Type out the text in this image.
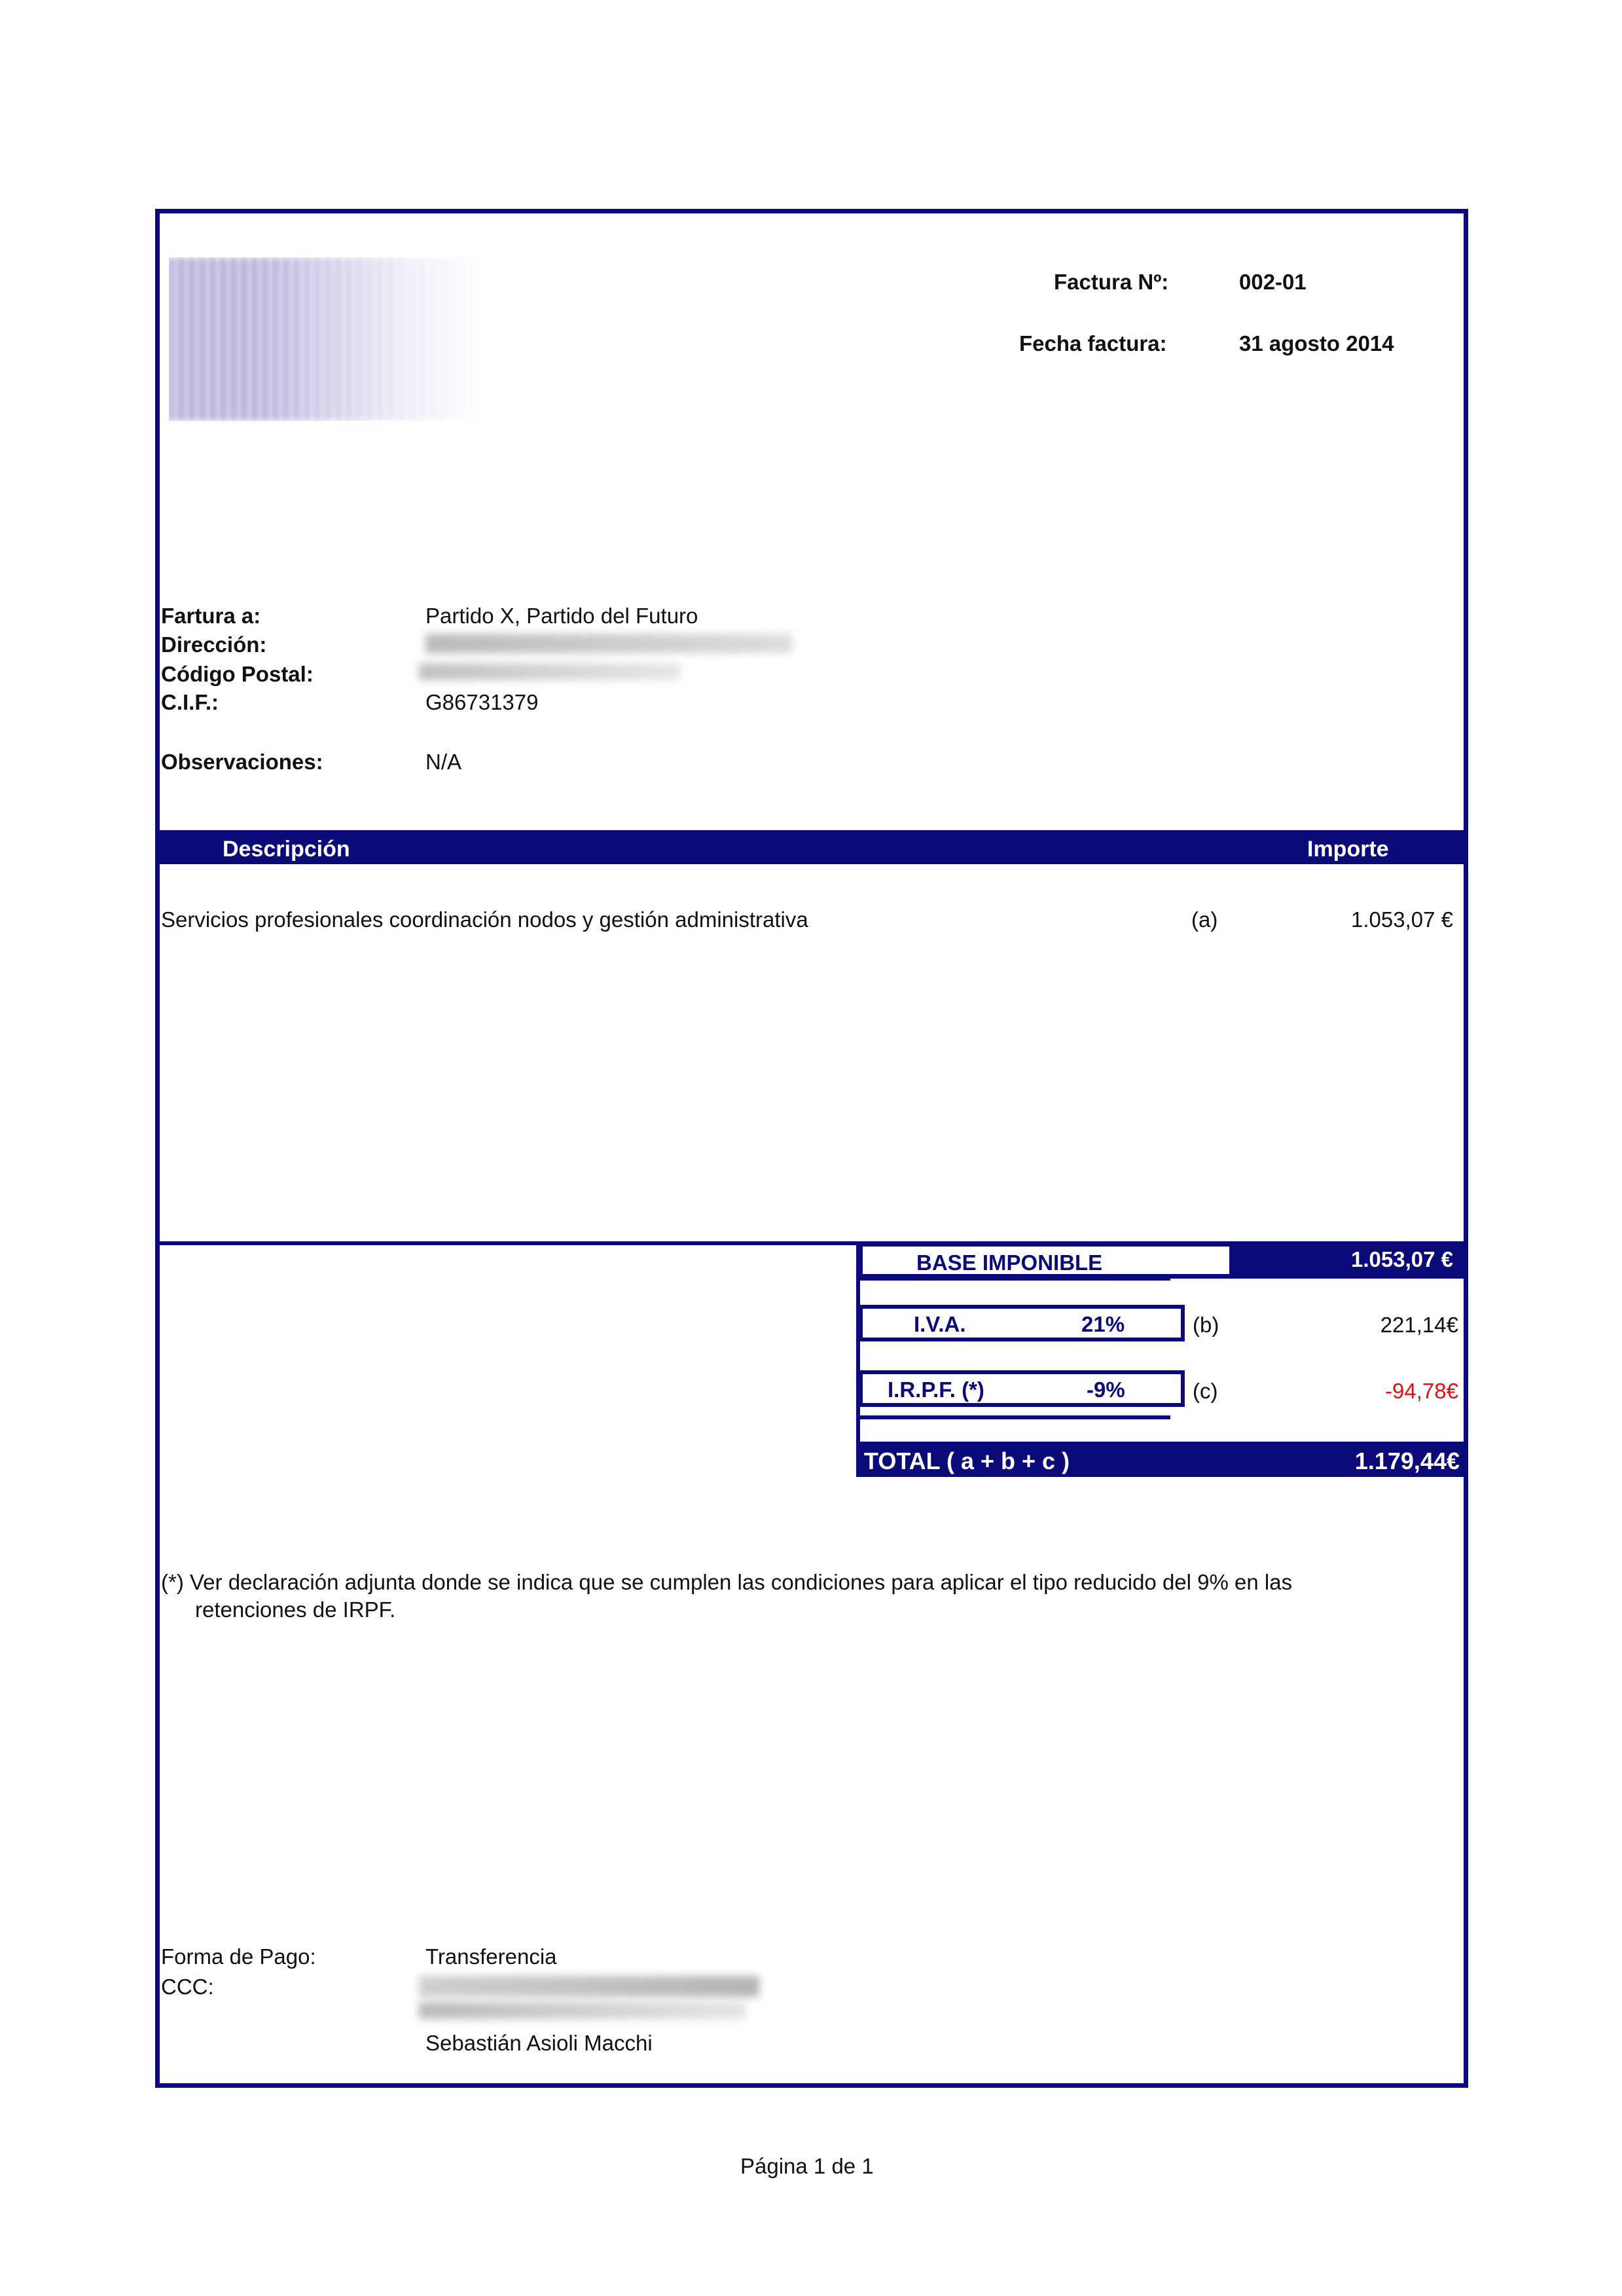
Factura Nº:	002-01
Fecha factura:	31 agosto 2014
Fartura a:	Partido X, Partido del Futuro
Dirección:
Código Postal:
C.I.F.:	G86731379
Observaciones:	N/A
Descripción	Importe
Servicios profesionales coordinación nodos y gestión administrativa	(a)	1.053,07 €
BASE IMPONIBLE	1.053,07 €
I.V.A.	21%	(b)	221,14€
I.R.P.F. (*)	-9%	(c)	-94,78€
TOTAL ( a + b + c )	1.179,44€
(*) Ver declaración adjunta donde se indica que se cumplen las condiciones para aplicar el tipo reducido del 9% en las
retenciones de IRPF.
Forma de Pago:	Transferencia
CCC:
Sebastián Asioli Macchi
Página 1 de 1
